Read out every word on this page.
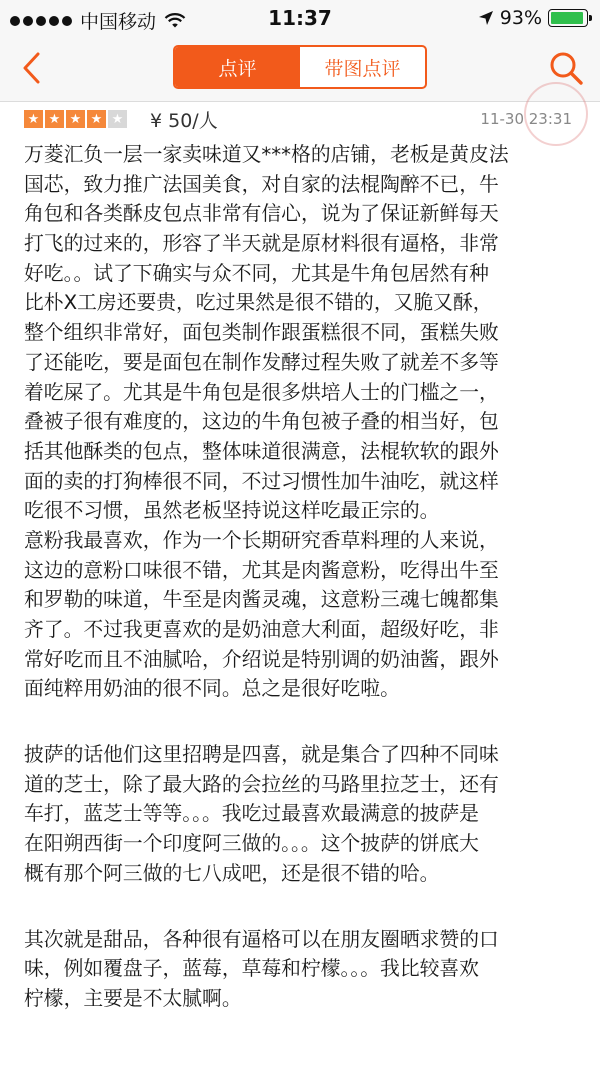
中国移动	11:37	93%
点评	带图点评
★ ★ ★ ★ ★ ¥ 50/人	11-30 23:31
万菱汇负一层一家卖味道又***格的店铺，老板是黄皮法
国芯，致力推广法国美食，对自家的法棍陶醉不已，牛
角包和各类酥皮包点非常有信心，说为了保证新鲜每天
打飞的过来的，形容了半天就是原材料很有逼格，非常
好吃。。试了下确实与众不同，尤其是牛角包居然有种
比朴X工房还要贵，吃过果然是很不错的，又脆又酥，
整个组织非常好，面包类制作跟蛋糕很不同，蛋糕失败
了还能吃，要是面包在制作发酵过程失败了就差不多等
着吃屎了。尤其是牛角包是很多烘培人士的门槛之一，
叠被子很有难度的，这边的牛角包被子叠的相当好，包
括其他酥类的包点，整体味道很满意，法棍软软的跟外
面的卖的打狗棒很不同，不过习惯性加牛油吃，就这样
吃很不习惯，虽然老板坚持说这样吃最正宗的。
意粉我最喜欢，作为一个长期研究香草料理的人来说，
这边的意粉口味很不错，尤其是肉酱意粉，吃得出牛至
和罗勒的味道，牛至是肉酱灵魂，这意粉三魂七魄都集
齐了。不过我更喜欢的是奶油意大利面，超级好吃，非
常好吃而且不油腻哈，介绍说是特别调的奶油酱，跟外
面纯粹用奶油的很不同。总之是很好吃啦。
披萨的话他们这里招聘是四喜，就是集合了四种不同味
道的芝士，除了最大路的会拉丝的马路里拉芝士，还有
车打，蓝芝士等等。。。我吃过最喜欢最满意的披萨是
在阳朔西街一个印度阿三做的。。。这个披萨的饼底大
概有那个阿三做的七八成吧，还是很不错的哈。
其次就是甜品，各种很有逼格可以在朋友圈晒求赞的口
味，例如覆盘子，蓝莓，草莓和柠檬。。。我比较喜欢
柠檬，主要是不太腻啊。
